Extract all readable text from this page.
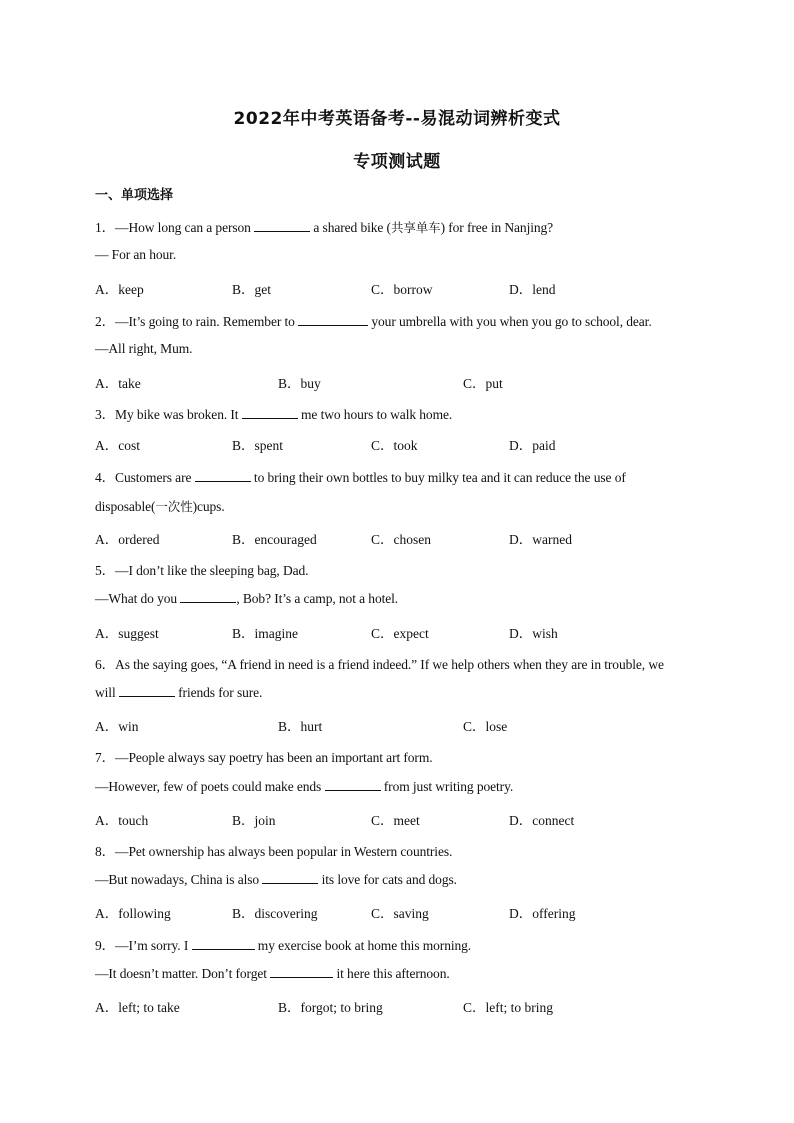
2022年中考英语备考--易混动词辨析变式
专项测试题
一、单项选择
1．—How long can a person	a shared bike (共享单车) for free in Nanjing?
— For an hour.
A．keep	B．get	C．borrow	D．lend
2．—It’s going to rain. Remember to	your umbrella with you when you go to school, dear.
—All right, Mum.
A．take	B．buy	C．put
3．My bike was broken. It	me two hours to walk home.
A．cost	B．spent	C．took	D．paid
4．Customers are	to bring their own bottles to buy milky tea and it can reduce the use of
disposable(一次性)cups.
A．ordered	B．encouraged	C．chosen	D．warned
5．—I don’t like the sleeping bag, Dad.
—What do you	, Bob? It’s a camp, not a hotel.
A．suggest	B．imagine	C．expect	D．wish
6．As the saying goes, “A friend in need is a friend indeed.” If we help others when they are in trouble, we
will	friends for sure.
A．win	B．hurt	C．lose
7．—People always say poetry has been an important art form.
—However, few of poets could make ends	from just writing poetry.
A．touch	B．join	C．meet	D．connect
8．—Pet ownership has always been popular in Western countries.
—But nowadays, China is also	its love for cats and dogs.
A．following	B．discovering	C．saving	D．offering
9．—I’m sorry. I	my exercise book at home this morning.
—It doesn’t matter. Don’t forget	it here this afternoon.
A．left; to take	B．forgot; to bring	C．left; to bring
